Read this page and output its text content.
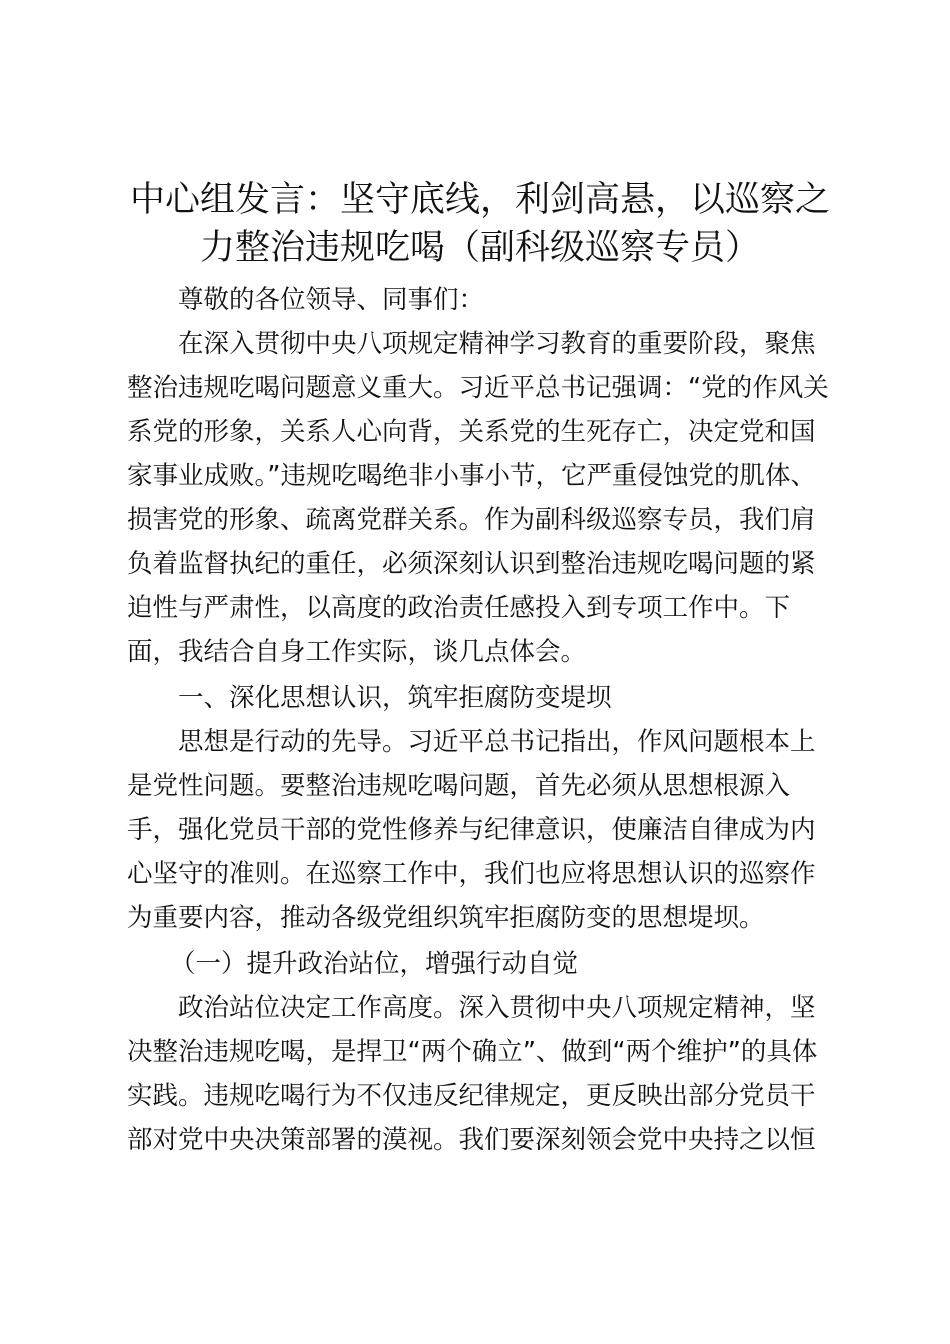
中心组发言：坚守底线，利剑高悬，以巡察之
力整治违规吃喝（副科级巡察专员）

尊敬的各位领导、同事们：

在深入贯彻中央八项规定精神学习教育的重要阶段，聚焦

整治违规吃喝问题意义重大。习近平总书记强调：“党的作风关

系党的形象，关系人心向背，关系党的生死存亡，决定党和国

家事业成败。”违规吃喝绝非小事小节，它严重侵蚀党的肌体、

损害党的形象、疏离党群关系。作为副科级巡察专员，我们肩

负着监督执纪的重任，必须深刻认识到整治违规吃喝问题的紧

迫性与严肃性，以高度的政治责任感投入到专项工作中。下

面，我结合自身工作实际，谈几点体会。

一、深化思想认识，筑牢拒腐防变堤坝

思想是行动的先导。习近平总书记指出，作风问题根本上

是党性问题。要整治违规吃喝问题，首先必须从思想根源入

手，强化党员干部的党性修养与纪律意识，使廉洁自律成为内

心坚守的准则。在巡察工作中，我们也应将思想认识的巡察作

为重要内容，推动各级党组织筑牢拒腐防变的思想堤坝。

（一）提升政治站位，增强行动自觉

政治站位决定工作高度。深入贯彻中央八项规定精神，坚

决整治违规吃喝，是捍卫“两个确立”、做到“两个维护”的具体

实践。违规吃喝行为不仅违反纪律规定，更反映出部分党员干

部对党中央决策部署的漠视。我们要深刻领会党中央持之以恒
